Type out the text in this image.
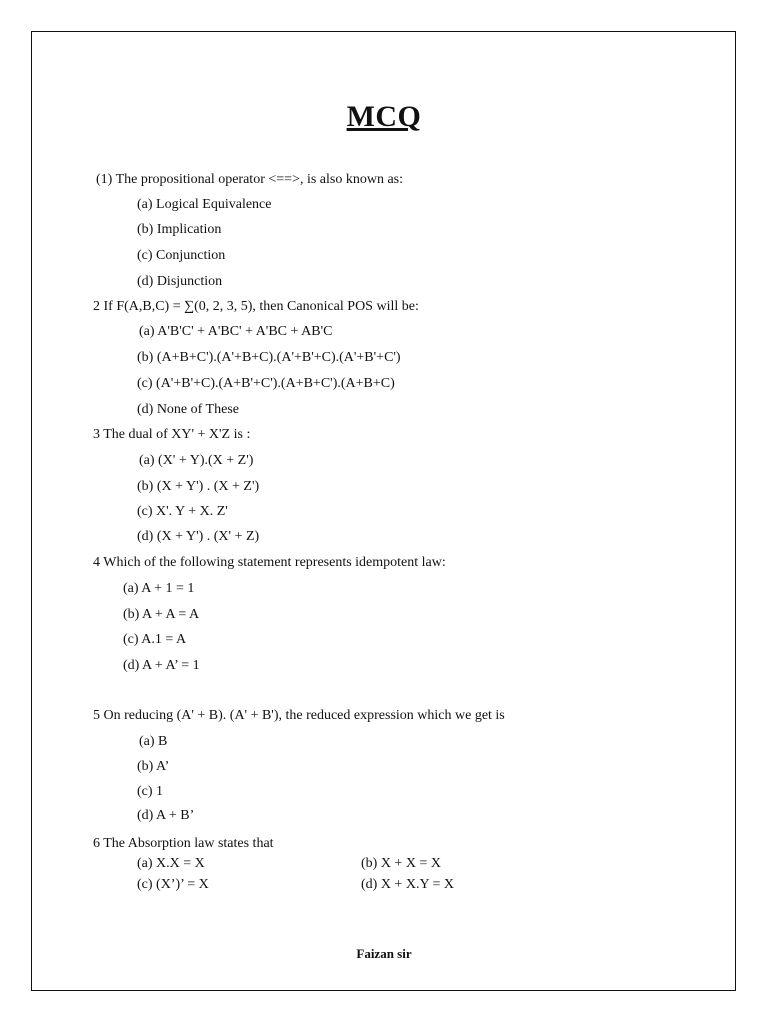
MCQ
(1) The propositional operator <==>, is also known as:
(a) Logical Equivalence
(b) Implication
(c) Conjunction
(d) Disjunction
2 If F(A,B,C) = ∑(0, 2, 3, 5), then Canonical POS will be:
(a) A'B'C' + A'BC' + A'BC + AB'C
(b) (A+B+C').(A'+B+C).(A'+B'+C).(A'+B'+C')
(c) (A'+B'+C).(A+B'+C').(A+B+C').(A+B+C)
(d) None of These
3 The dual of XY' + X'Z is :
(a) (X' + Y).(X + Z')
(b) (X + Y') . (X + Z')
(c) X'. Y + X. Z'
(d) (X + Y') . (X' + Z)
4 Which of the following statement represents idempotent law:
(a) A + 1 = 1
(b) A + A = A
(c) A.1 = A
(d) A + A’ = 1
5 On reducing (A' + B). (A' + B'), the reduced expression which we get is
(a) B
(b) A’
(c) 1
(d) A + B’
6 The Absorption law states that
(a) X.X = X	(b) X + X = X
(c) (X’)’ = X	(d) X + X.Y = X
Faizan sir
